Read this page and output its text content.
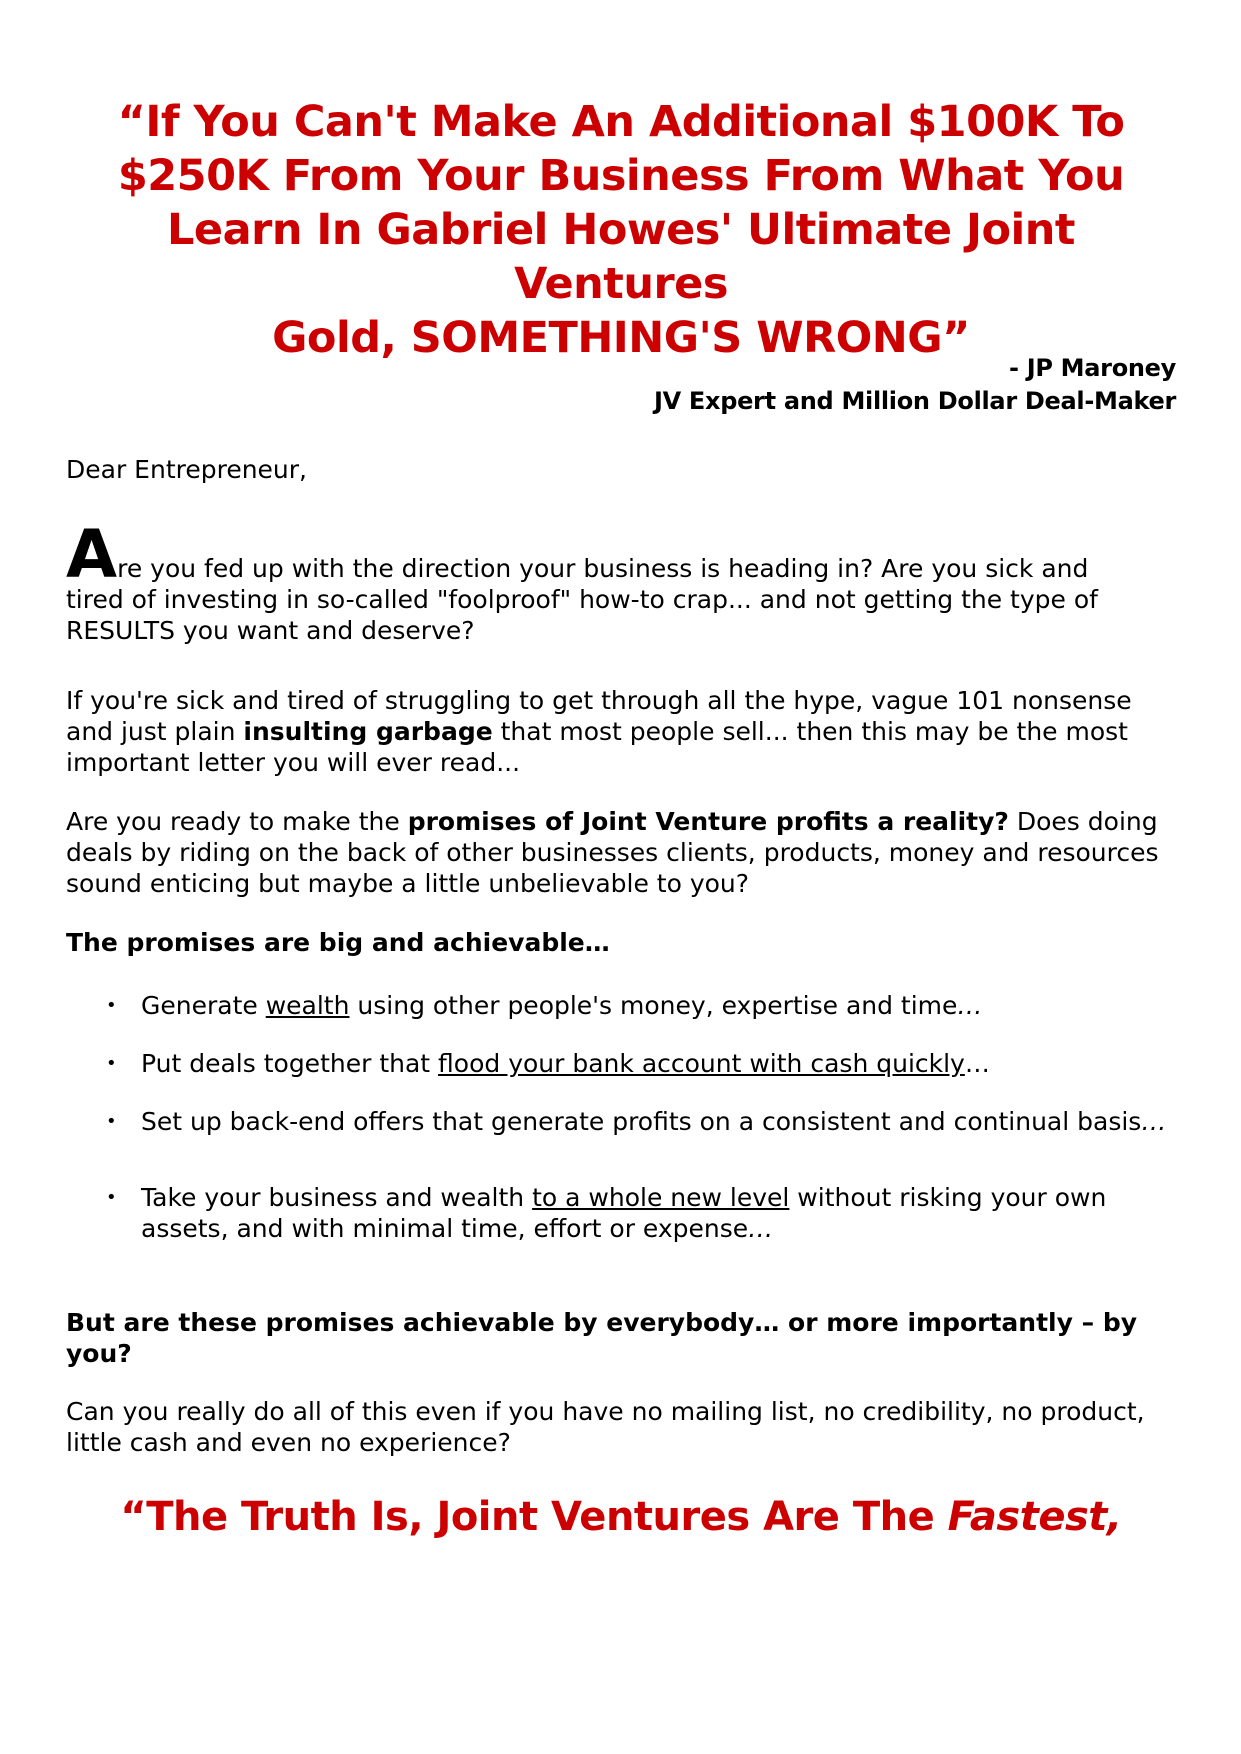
“If You Can't Make An Additional $100K To
$250K From Your Business From What You
Learn In Gabriel Howes' Ultimate Joint Ventures
Gold, SOMETHING'S WRONG”
- JP Maroney
JV Expert and Million Dollar Deal-Maker

Dear Entrepreneur,

Are you fed up with the direction your business is heading in? Are you sick and
tired of investing in so-called "foolproof" how-to crap... and not getting the type of RESULTS you want and deserve?

If you're sick and tired of struggling to get through all the hype, vague 101 nonsense and just plain insulting garbage that most people sell... then this may be the most important letter you will ever read...

Are you ready to make the promises of Joint Venture profits a reality? Does doing deals by riding on the back of other businesses clients, products, money and resources sound enticing but maybe a little unbelievable to you?

The promises are big and achievable…

• Generate wealth using other people's money, expertise and time…
• Put deals together that flood your bank account with cash quickly…
• Set up back-end offers that generate profits on a consistent and continual basis…
• Take your business and wealth to a whole new level without risking your own assets, and with minimal time, effort or expense…

But are these promises achievable by everybody… or more importantly – by you?

Can you really do all of this even if you have no mailing list, no credibility, no product, little cash and even no experience?

“The Truth Is, Joint Ventures Are The Fastest,
